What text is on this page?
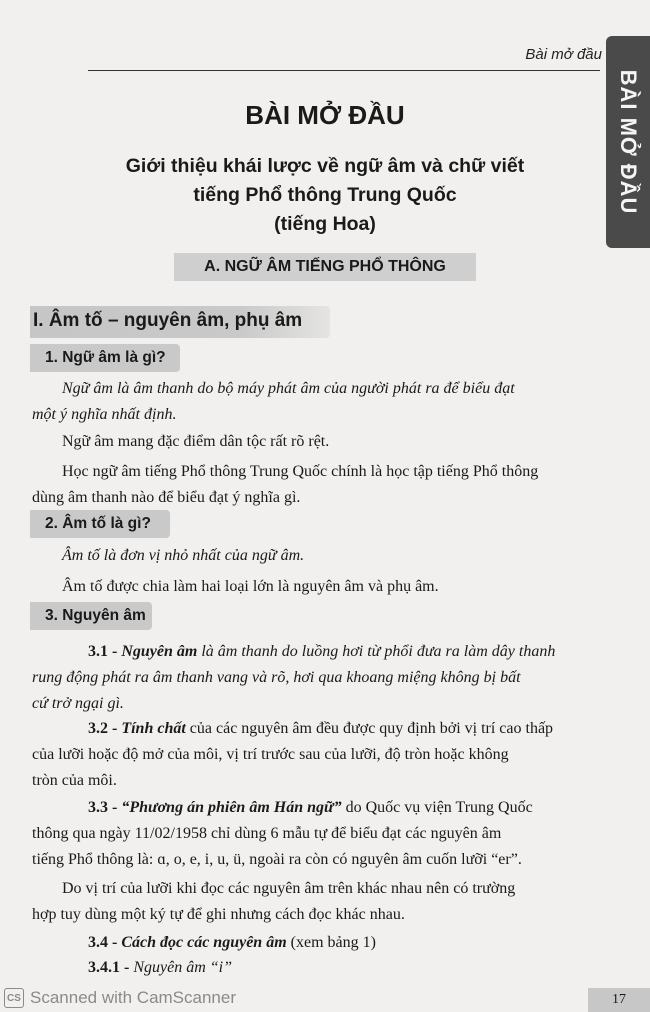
Bài mở đầu
BÀI MỞ ĐẦU
BÀI MỞ ĐẦU
Giới thiệu khái lược về ngữ âm và chữ viết
tiếng Phổ thông Trung Quốc
(tiếng Hoa)
A. NGỮ ÂM TIẾNG PHỔ THÔNG
I. Âm tố – nguyên âm, phụ âm
1. Ngữ âm là gì?
Ngữ âm là âm thanh do bộ máy phát âm của người phát ra để biểu đạt
một ý nghĩa nhất định.
Ngữ âm mang đặc điểm dân tộc rất rõ rệt.
Học ngữ âm tiếng Phổ thông Trung Quốc chính là học tập tiếng Phổ thông
dùng âm thanh nào để biểu đạt ý nghĩa gì.
2. Âm tố là gì?
Âm tố là đơn vị nhỏ nhất của ngữ âm.
Âm tố được chia làm hai loại lớn là nguyên âm và phụ âm.
3. Nguyên âm
3.1 - Nguyên âm là âm thanh do luồng hơi từ phổi đưa ra làm dây thanh
rung động phát ra âm thanh vang và rõ, hơi qua khoang miệng không bị bất
cứ trở ngại gì.
3.2 - Tính chất của các nguyên âm đều được quy định bởi vị trí cao thấp
của lưỡi hoặc độ mở của môi, vị trí trước sau của lưỡi, độ tròn hoặc không
tròn của môi.
3.3 - “Phương án phiên âm Hán ngữ” do Quốc vụ viện Trung Quốc
thông qua ngày 11/02/1958 chỉ dùng 6 mẫu tự để biểu đạt các nguyên âm
tiếng Phổ thông là: ɑ, o, e, i, u, ü, ngoài ra còn có nguyên âm cuốn lưỡi “er”.
Do vị trí của lưỡi khi đọc các nguyên âm trên khác nhau nên có trường
hợp tuy dùng một ký tự để ghi nhưng cách đọc khác nhau.
3.4 - Cách đọc các nguyên âm (xem bảng 1)
3.4.1 - Nguyên âm “i”
CS Scanned with CamScanner	17
